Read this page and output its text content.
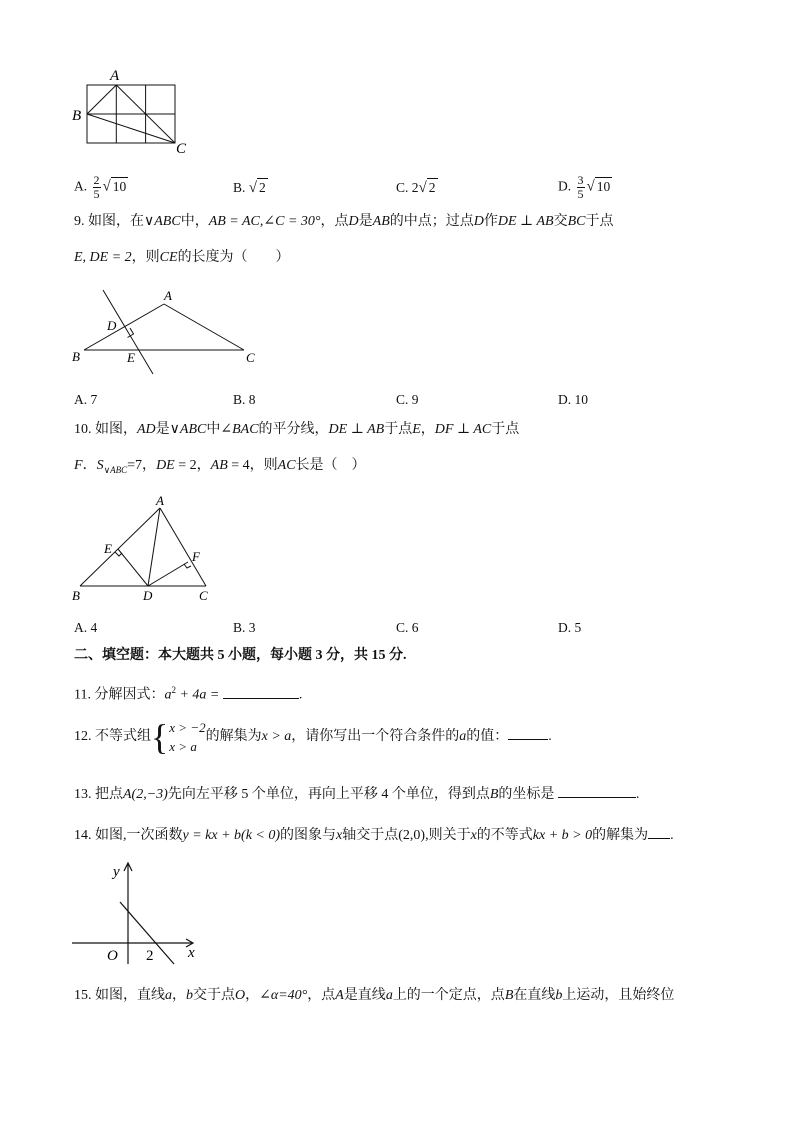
A
B
C
A. $\frac{2}{5}$ √ 10	B. √ 2	C. 2√ 2	D. $\frac{3}{5}$ √ 10
9. 如图，在∨ABC中，AB = AC,∠C = 30°，点D是AB的中点；过点D作DE ⊥ AB交BC于点
E, DE = 2，则CE的长度为（　　）
A
B	C
D
E
A. 7	B. 8	C. 9	D. 10
10. 如图，AD是∨ABC中∠BAC的平分线，DE ⊥ AB于点E，DF ⊥ AC于点
F．$S_{\vee ABC}=7$，DE = 2，AB = 4，则AC长是（　）
A
B	C
D
E
F
A. 4	B. 3	C. 6	D. 5
二、填空题：本大题共 5 小题，每小题 3 分，共 15 分.
11. 分解因式：$a^2 + 4a$ =	.
12. 不等式组{ x > −2
x > a
的解集为x > a，请你写出一个符合条件的a的值：	.
13. 把点A(2,−3)先向左平移 5 个单位，再向上平移 4 个单位，得到点B的坐标是	.
14. 如图,一次函数y = kx + b(k < 0)的图象与x轴交于点(2,0),则关于x的不等式kx + b > 0的解集为 .
y
x
O 2
15. 如图，直线a，b交于点O，∠α=40°，点A是直线a上的一个定点，点B在直线b上运动，且始终位
